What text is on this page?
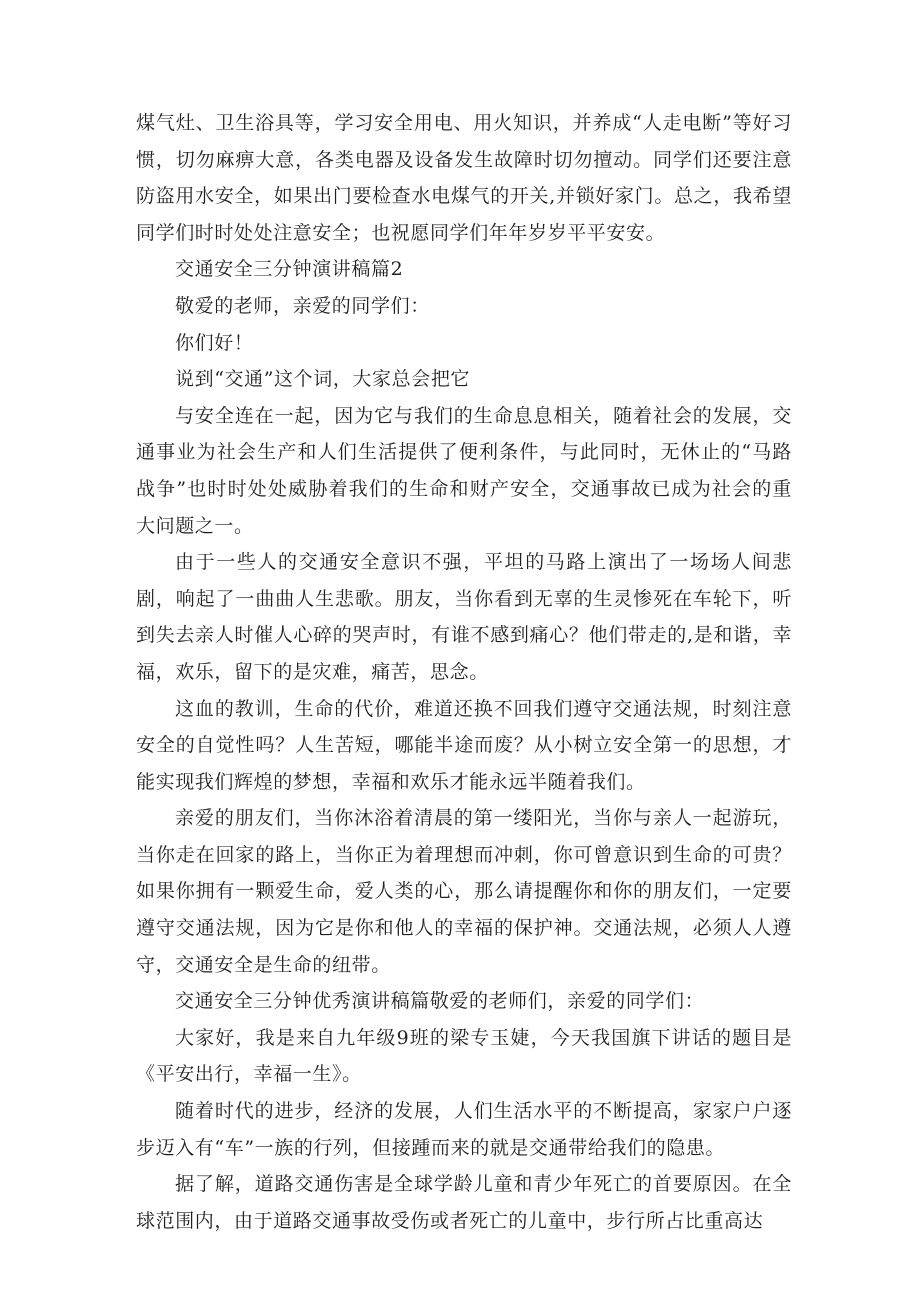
煤气灶、卫生浴具等，学习安全用电、用火知识，并养成“人走电断”等好习惯，切勿麻痹大意，各类电器及设备发生故障时切勿擅动。同学们还要注意防盗用水安全，如果出门要检查水电煤气的开关,并锁好家门。总之，我希望同学们时时处处注意安全；也祝愿同学们年年岁岁平平安安。

交通安全三分钟演讲稿篇2

敬爱的老师，亲爱的同学们：

你们好！

说到“交通”这个词，大家总会把它

与安全连在一起，因为它与我们的生命息息相关，随着社会的发展，交通事业为社会生产和人们生活提供了便利条件，与此同时，无休止的“马路战争”也时时处处威胁着我们的生命和财产安全，交通事故已成为社会的重大问题之一。

由于一些人的交通安全意识不强，平坦的马路上演出了一场场人间悲剧，响起了一曲曲人生悲歌。朋友，当你看到无辜的生灵惨死在车轮下，听到失去亲人时催人心碎的哭声时，有谁不感到痛心？他们带走的,是和谐，幸福，欢乐，留下的是灾难，痛苦，思念。

这血的教训，生命的代价，难道还换不回我们遵守交通法规，时刻注意安全的自觉性吗？人生苦短，哪能半途而废？从小树立安全第一的思想，才能实现我们辉煌的梦想，幸福和欢乐才能永远半随着我们。

亲爱的朋友们，当你沐浴着清晨的第一缕阳光，当你与亲人一起游玩，当你走在回家的路上，当你正为着理想而冲刺，你可曾意识到生命的可贵？如果你拥有一颗爱生命，爱人类的心，那么请提醒你和你的朋友们，一定要遵守交通法规，因为它是你和他人的幸福的保护神。交通法规，必须人人遵守，交通安全是生命的纽带。

交通安全三分钟优秀演讲稿篇敬爱的老师们，亲爱的同学们：

大家好，我是来自九年级9班的梁专玉婕，今天我国旗下讲话的题目是《平安出行，幸福一生》。

随着时代的进步，经济的发展，人们生活水平的不断提高，家家户户逐步迈入有“车”一族的行列，但接踵而来的就是交通带给我们的隐患。

据了解，道路交通伤害是全球学龄儿童和青少年死亡的首要原因。在全球范围内，由于道路交通事故受伤或者死亡的儿童中，步行所占比重高达
